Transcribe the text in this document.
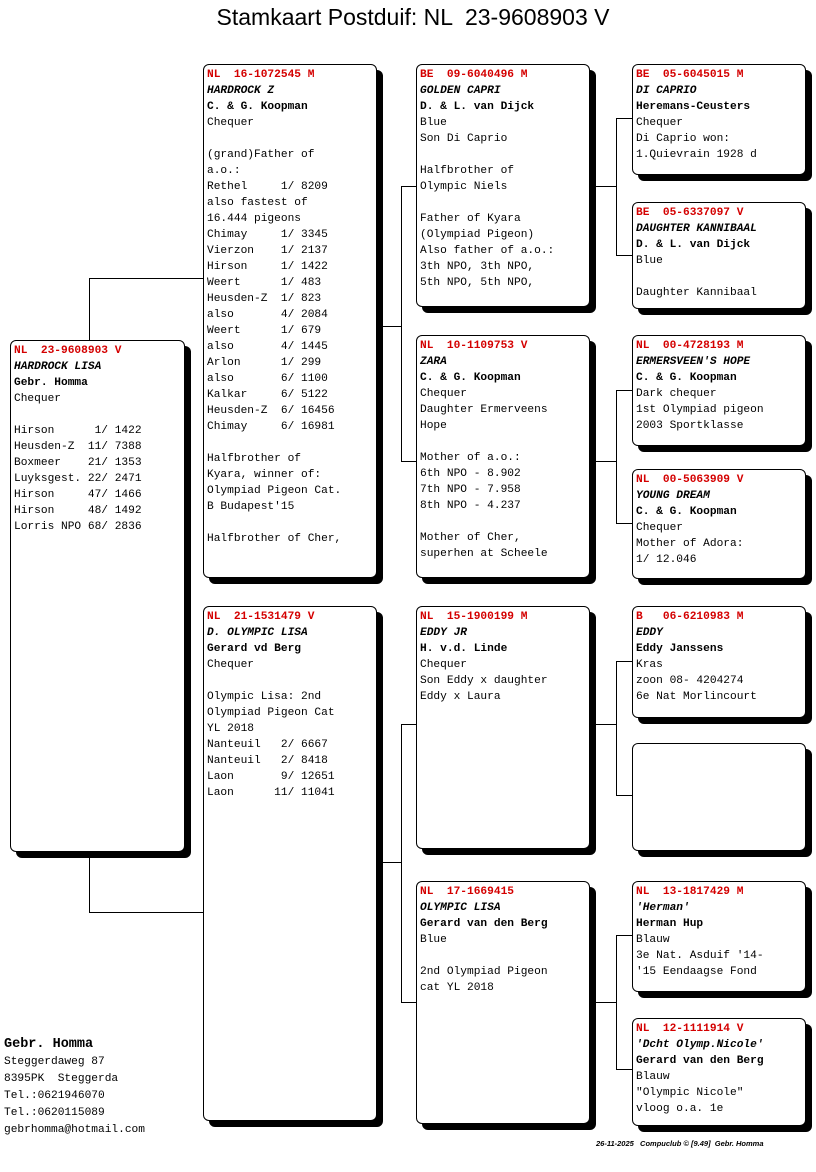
Stamkaart Postduif: NL  23-9608903 V
NL  23-9608903 V
HARDROCK LISA
Gebr. Homma
Chequer
Hirson      1/ 1422
Heusden-Z  11/ 7388
Boxmeer    21/ 1353
Luyksgest. 22/ 2471
Hirson     47/ 1466
Hirson     48/ 1492
Lorris NPO 68/ 2836
NL  16-1072545 M
HARDROCK Z
C. & G. Koopman
Chequer
(grand)Father of
a.o.:
Rethel     1/ 8209
also fastest of
16.444 pigeons
Chimay     1/ 3345
Vierzon    1/ 2137
Hirson     1/ 1422
Weert      1/ 483
Heusden-Z  1/ 823
also       4/ 2084
Weert      1/ 679
also       4/ 1445
Arlon      1/ 299
also       6/ 1100
Kalkar     6/ 5122
Heusden-Z  6/ 16456
Chimay     6/ 16981
Halfbrother of
Kyara, winner of:
Olympiad Pigeon Cat.
B Budapest'15
Halfbrother of Cher,
NL  21-1531479 V
D. OLYMPIC LISA
Gerard vd Berg
Chequer
Olympic Lisa: 2nd
Olympiad Pigeon Cat
YL 2018
Nanteuil   2/ 6667
Nanteuil   2/ 8418
Laon       9/ 12651
Laon      11/ 11041
BE  09-6040496 M
GOLDEN CAPRI
D. & L. van Dijck
Blue
Son Di Caprio
Halfbrother of
Olympic Niels
Father of Kyara
(Olympiad Pigeon)
Also father of a.o.:
3th NPO, 3th NPO,
5th NPO, 5th NPO,
NL  10-1109753 V
ZARA
C. & G. Koopman
Chequer
Daughter Ermerveens
Hope
Mother of a.o.:
6th NPO - 8.902
7th NPO - 7.958
8th NPO - 4.237
Mother of Cher,
superhen at Scheele
NL  15-1900199 M
EDDY JR
H. v.d. Linde
Chequer
Son Eddy x daughter
Eddy x Laura
NL  17-1669415
OLYMPIC LISA
Gerard van den Berg
Blue
2nd Olympiad Pigeon
cat YL 2018
BE  05-6045015 M
DI CAPRIO
Heremans-Ceusters
Chequer
Di Caprio won:
1.Quievrain 1928 d
BE  05-6337097 V
DAUGHTER KANNIBAAL
D. & L. van Dijck
Blue
Daughter Kannibaal
NL  00-4728193 M
ERMERSVEEN'S HOPE
C. & G. Koopman
Dark chequer
1st Olympiad pigeon
2003 Sportklasse
NL  00-5063909 V
YOUNG DREAM
C. & G. Koopman
Chequer
Mother of Adora:
1/ 12.046
B   06-6210983 M
EDDY
Eddy Janssens
Kras
zoon 08- 4204274
6e Nat Morlincourt
NL  13-1817429 M
'Herman'
Herman Hup
Blauw
3e Nat. Asduif '14-
'15 Eendaagse Fond
NL  12-1111914 V
'Dcht Olymp.Nicole'
Gerard van den Berg
Blauw
"Olympic Nicole"
vloog o.a. 1e
Gebr. Homma
Steggerdaweg 87
8395PK  Steggerda
Tel.:0621946070
Tel.:0620115089
gebrhomma@hotmail.com
26-11-2025   Compuclub © [9.49]  Gebr. Homma
